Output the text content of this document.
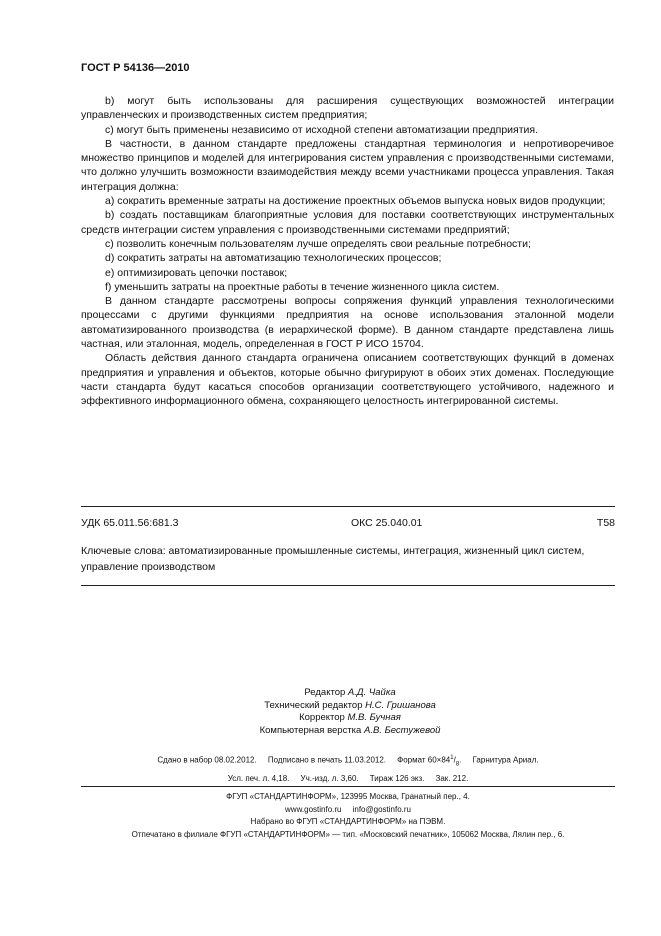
ГОСТ Р 54136—2010

b) могут быть использованы для расширения существующих возможностей интеграции управленческих и производственных систем предприятия;

c) могут быть применены независимо от исходной степени автоматизации предприятия.

В частности, в данном стандарте предложены стандартная терминология и непротиворечивое множество принципов и моделей для интегрирования систем управления с производственными системами, что должно улучшить возможности взаимодействия между всеми участниками процесса управления. Такая интеграция должна:

a) сократить временные затраты на достижение проектных объемов выпуска новых видов продукции;

b) создать поставщикам благоприятные условия для поставки соответствующих инструментальных средств интеграции систем управления с производственными системами предприятий;

c) позволить конечным пользователям лучше определять свои реальные потребности;

d) сократить затраты на автоматизацию технологических процессов;

e) оптимизировать цепочки поставок;

f) уменьшить затраты на проектные работы в течение жизненного цикла систем.

В данном стандарте рассмотрены вопросы сопряжения функций управления технологическими процессами с другими функциями предприятия на основе использования эталонной модели автоматизированного производства (в иерархической форме). В данном стандарте представлена лишь частная, или эталонная, модель, определенная в ГОСТ Р ИСО 15704.

Область действия данного стандарта ограничена описанием соответствующих функций в доменах предприятия и управления и объектов, которые обычно фигурируют в обоих этих доменах. Последующие части стандарта будут касаться способов организации соответствующего устойчивого, надежного и эффективного информационного обмена, сохраняющего целостность интегрированной системы.

УДК 65.011.56:681.3	ОКС 25.040.01	Т58
Ключевые слова: автоматизированные промышленные системы, интеграция, жизненный цикл систем,
управление производством
Редактор А.Д. Чайка
Технический редактор Н.С. Гришанова
Корректор М.В. Бучная
Компьютерная верстка А.В. Бестужевой
Сдано в набор 08.02.2012. Подписано в печать 11.03.2012. Формат $60\times 84^1/_8$. Гарнитура Ариал.
Усл. печ. л. 4,18. Уч.-изд. л. 3,60. Тираж 126 экз. Зак. 212.
ФГУП «СТАНДАРТИНФОРМ», 123995 Москва, Гранатный пер., 4.
www.gostinfo.ru     info@gostinfo.ru
Набрано во ФГУП «СТАНДАРТИНФОРМ» на ПЭВМ.
Отпечатано в филиале ФГУП «СТАНДАРТИНФОРМ» — тип. «Московский печатник», 105062 Москва, Лялин пер., 6.
